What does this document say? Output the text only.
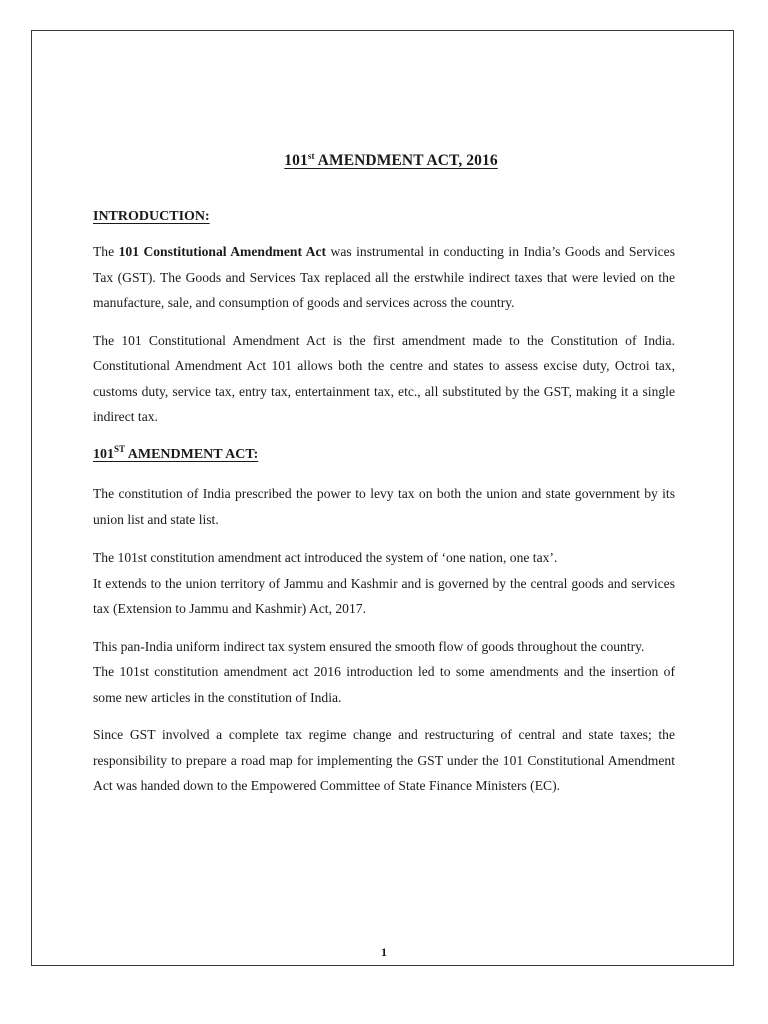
101st AMENDMENT ACT, 2016
INTRODUCTION:

The 101 Constitutional Amendment Act was instrumental in conducting in India’s Goods and Services Tax (GST). The Goods and Services Tax replaced all the erstwhile indirect taxes that were levied on the manufacture, sale, and consumption of goods and services across the country.

The 101 Constitutional Amendment Act is the first amendment made to the Constitution of India. Constitutional Amendment Act 101 allows both the centre and states to assess excise duty, Octroi tax, customs duty, service tax, entry tax, entertainment tax, etc., all substituted by the GST, making it a single indirect tax.

101ST AMENDMENT ACT:

The constitution of India prescribed the power to levy tax on both the union and state government by its union list and state list.

The 101st constitution amendment act introduced the system of ‘one nation, one tax’.

It extends to the union territory of Jammu and Kashmir and is governed by the central goods and services tax (Extension to Jammu and Kashmir) Act, 2017.

This pan-India uniform indirect tax system ensured the smooth flow of goods throughout the country.

The 101st constitution amendment act 2016 introduction led to some amendments and the insertion of some new articles in the constitution of India.

Since GST involved a complete tax regime change and restructuring of central and state taxes; the responsibility to prepare a road map for implementing the GST under the 101 Constitutional Amendment Act was handed down to the Empowered Committee of State Finance Ministers (EC).

1
